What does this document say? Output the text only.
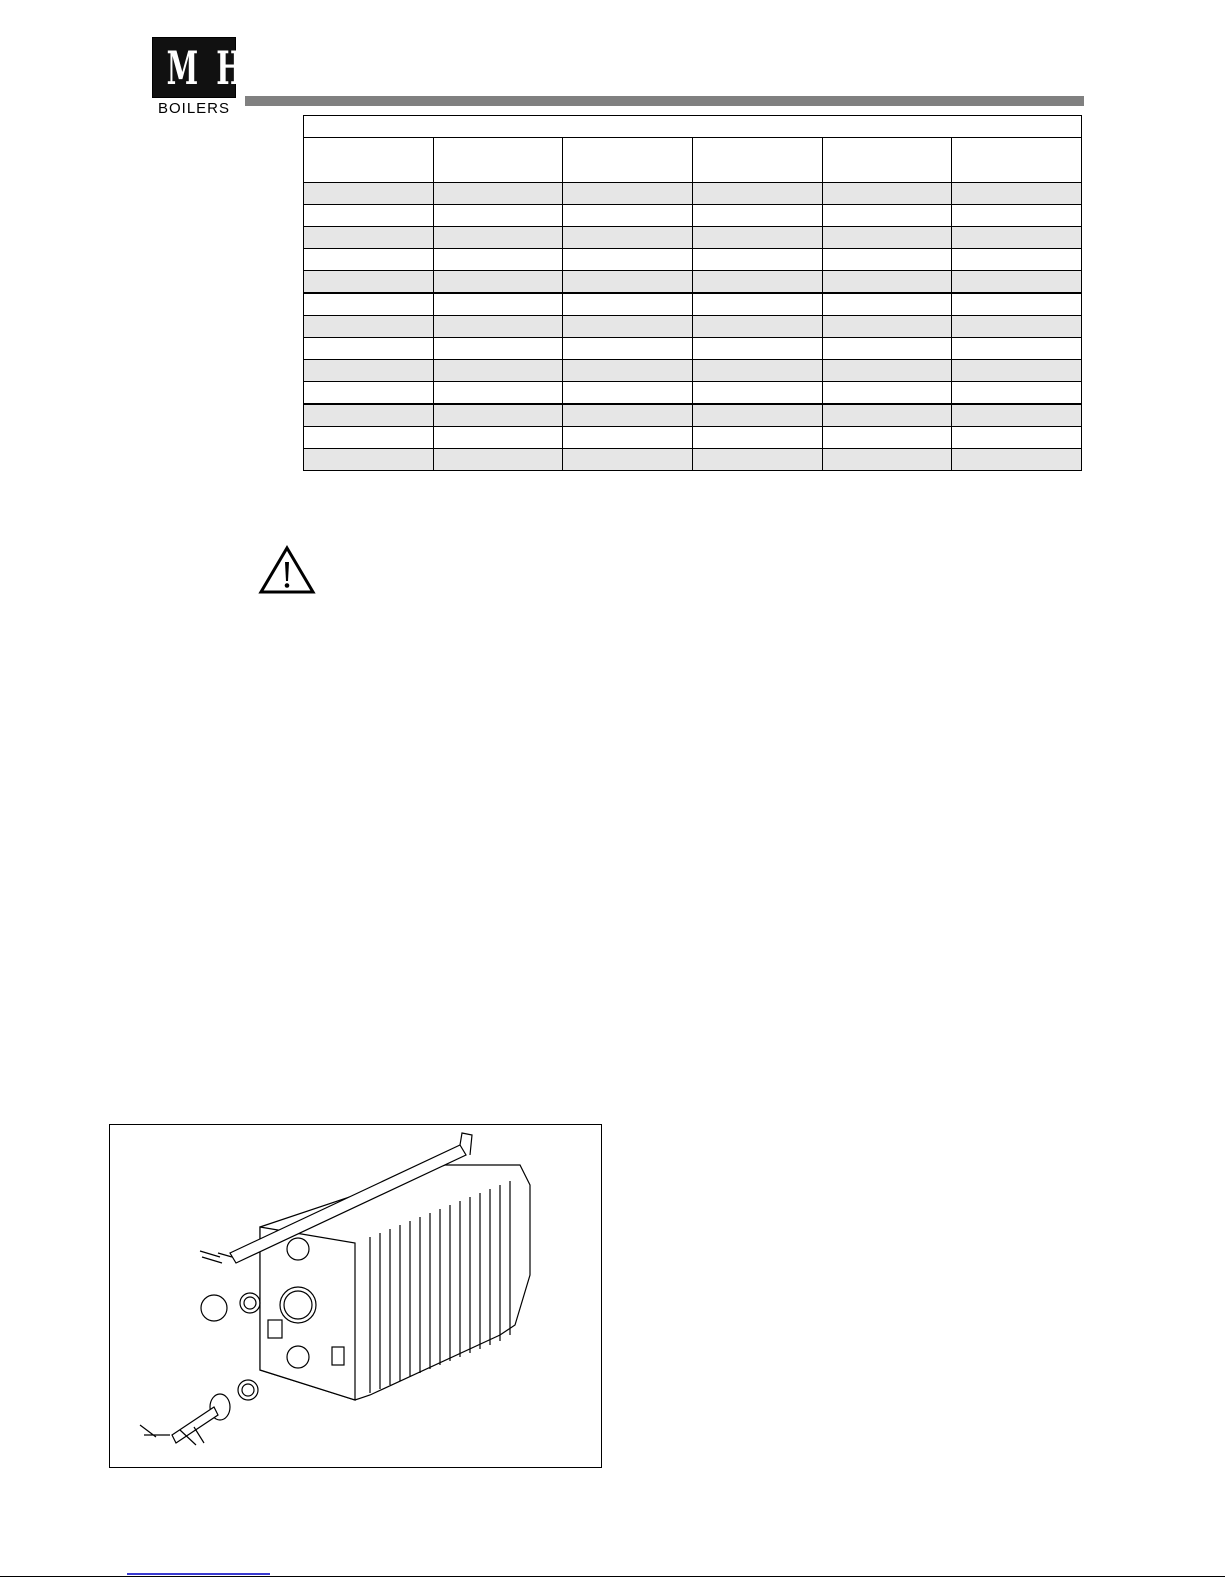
M H S
BOILERS
